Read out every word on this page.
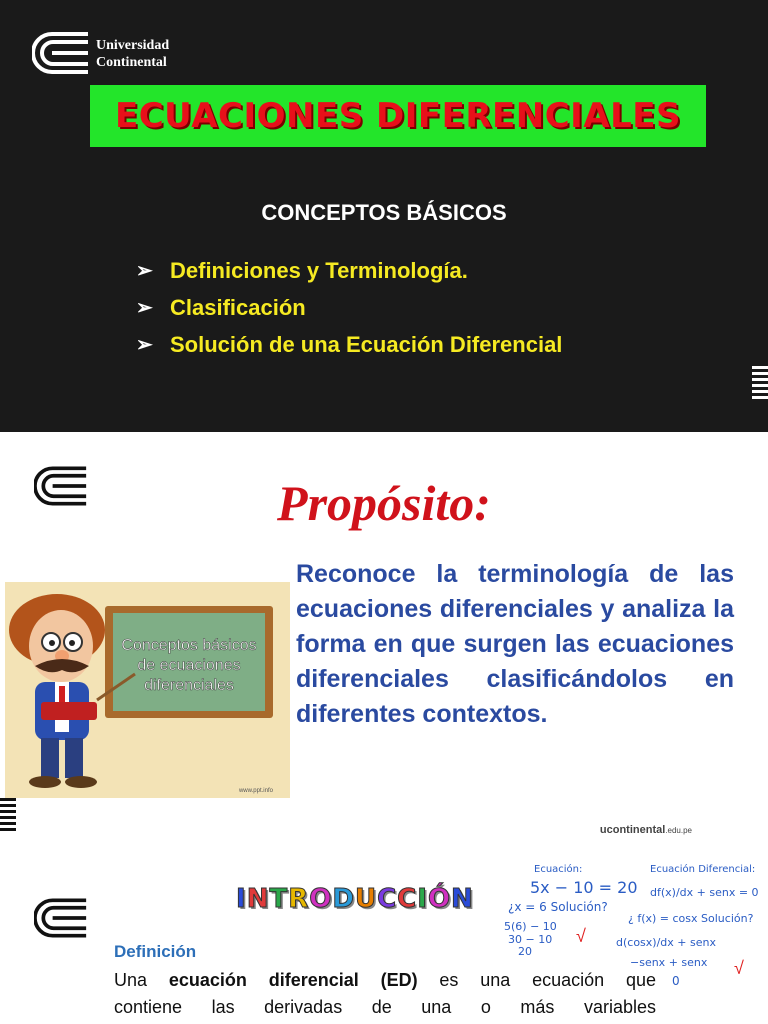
Universidad
Continental
ECUACIONES DIFERENCIALES
CONCEPTOS BÁSICOS
➢ Definiciones y Terminología.
➢ Clasificación
➢ Solución de una Ecuación Diferencial
Propósito:
Conceptos básicos
de ecuaciones
diferenciales
www.ppt.info
Reconoce la terminología de las ecuaciones diferenciales y analiza la forma en que surgen las ecuaciones diferenciales clasificándolos en diferentes contextos.
ucontinental.edu.pe
INTRODUCCIÓN
Definición
Una ecuación diferencial (ED) es una ecuación que
contiene las derivadas de una o más variables
Ecuación:
5x − 10 = 20
¿x = 6 Solución?
5(6) − 10
30 − 10
20
√
Ecuación Diferencial:
df(x)/dx + senx = 0
¿ f(x) = cosx Solución?
d(cosx)/dx + senx
−senx + senx
0
√
